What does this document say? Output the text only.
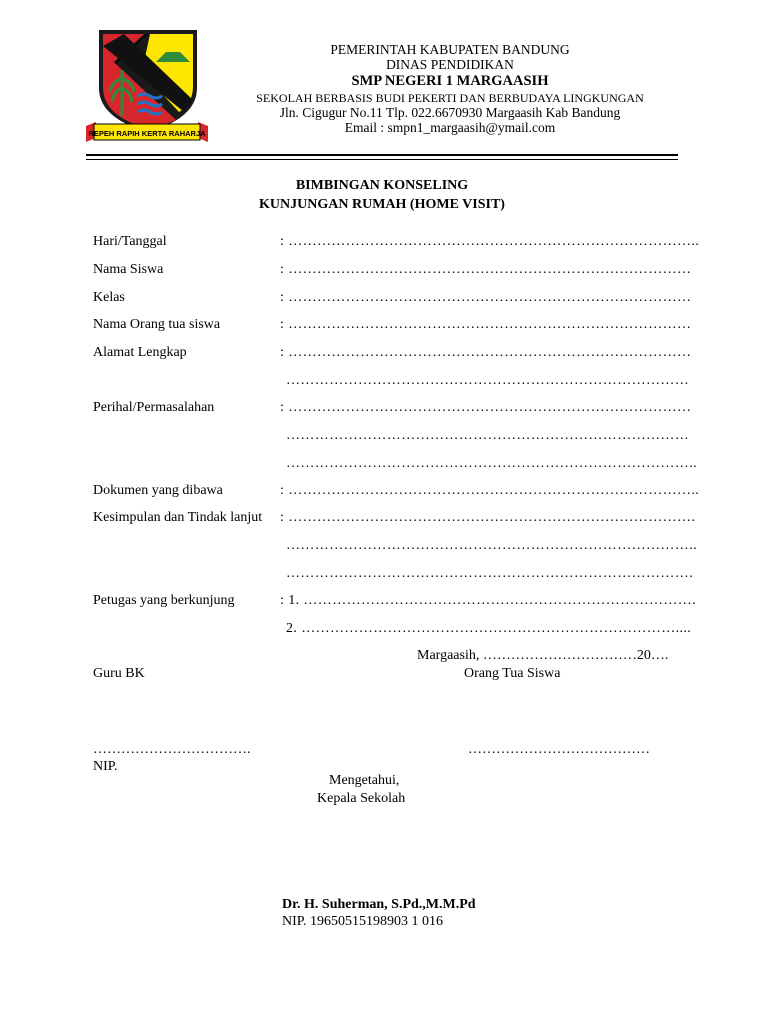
REPEH RAPIH KERTA RAHARJA
PEMERINTAH KABUPATEN BANDUNG
DINAS PENDIDIKAN
SMP NEGERI 1 MARGAASIH
SEKOLAH BERBASIS BUDI PEKERTI DAN BERBUDAYA LINGKUNGAN
Jln. Cigugur No.11 Tlp. 022.6670930 Margaasih Kab Bandung
Email : smpn1_margaasih@ymail.com
BIMBINGAN KONSELING
KUNJUNGAN RUMAH (HOME VISIT)
Hari/Tanggal	: …………………………………………………………………………..
Nama Siswa	: …………………………………………………………………………
Kelas	: …………………………………………………………………………
Nama Orang tua siswa	: …………………………………………………………………………
Alamat Lengkap	: …………………………………………………………………………
…………………………………………………………………………
Perihal/Permasalahan	: …………………………………………………………………………
…………………………………………………………………………
…………………………………………………………………………..
Dokumen yang dibawa	: …………………………………………………………………………..
Kesimpulan dan Tindak lanjut : ………………………………………………………………………….
…………………………………………………………………………..
………………………………………………………………………….
Petugas yang berkunjung	: 1. ……………………………………………………………………….
2. ……………………………………………………………………....
Margaasih, ……………………………20….
Guru BK	Orang Tua Siswa
…………………………….	…………………………………
NIP.
Mengetahui,
Kepala Sekolah
Dr. H. Suherman, S.Pd.,M.M.Pd
NIP. 19650515198903 1 016
